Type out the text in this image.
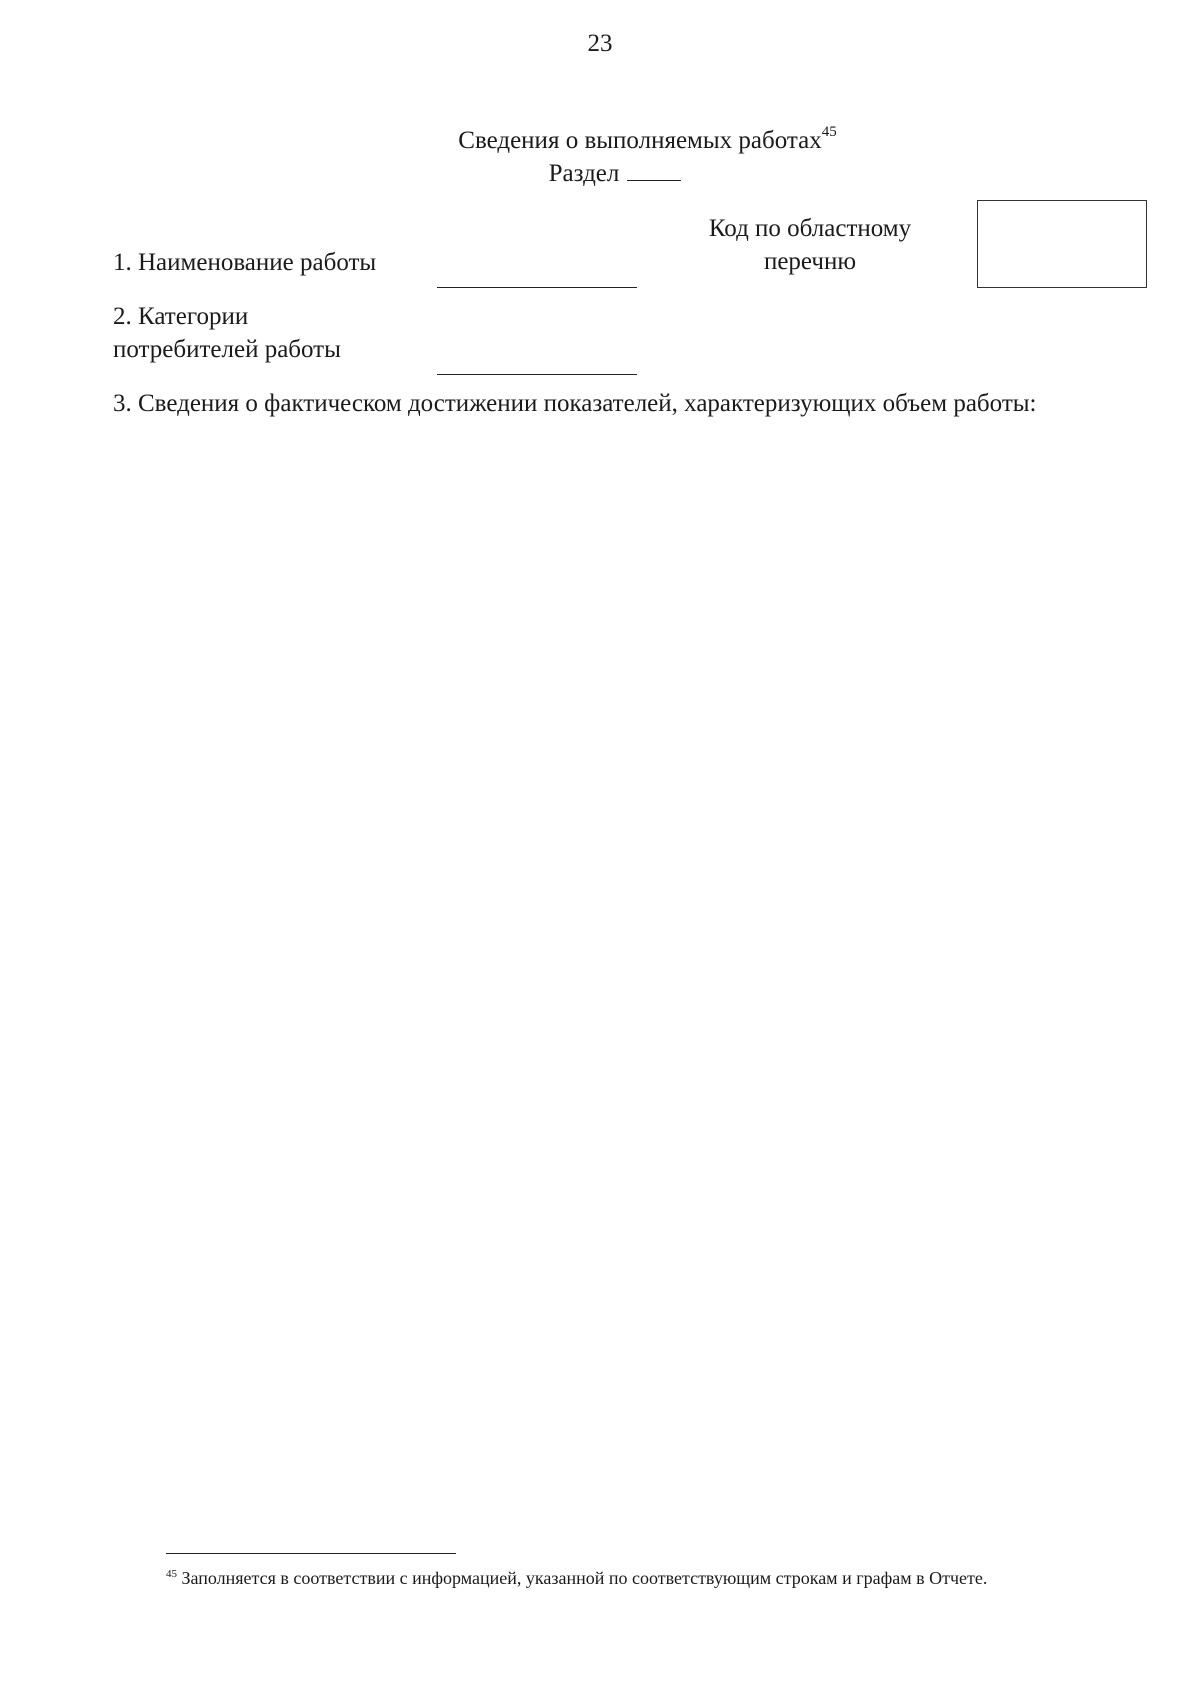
23
Сведения о выполняемых работах$^{45}$
Раздел
1. Наименование работы
Код по областному
перечню
2. Категории
потребителей работы
3. Сведения о фактическом достижении показателей, характеризующих объем работы:
$^{45}$ Заполняется в соответствии с информацией, указанной по соответствующим строкам и графам в Отчете.
